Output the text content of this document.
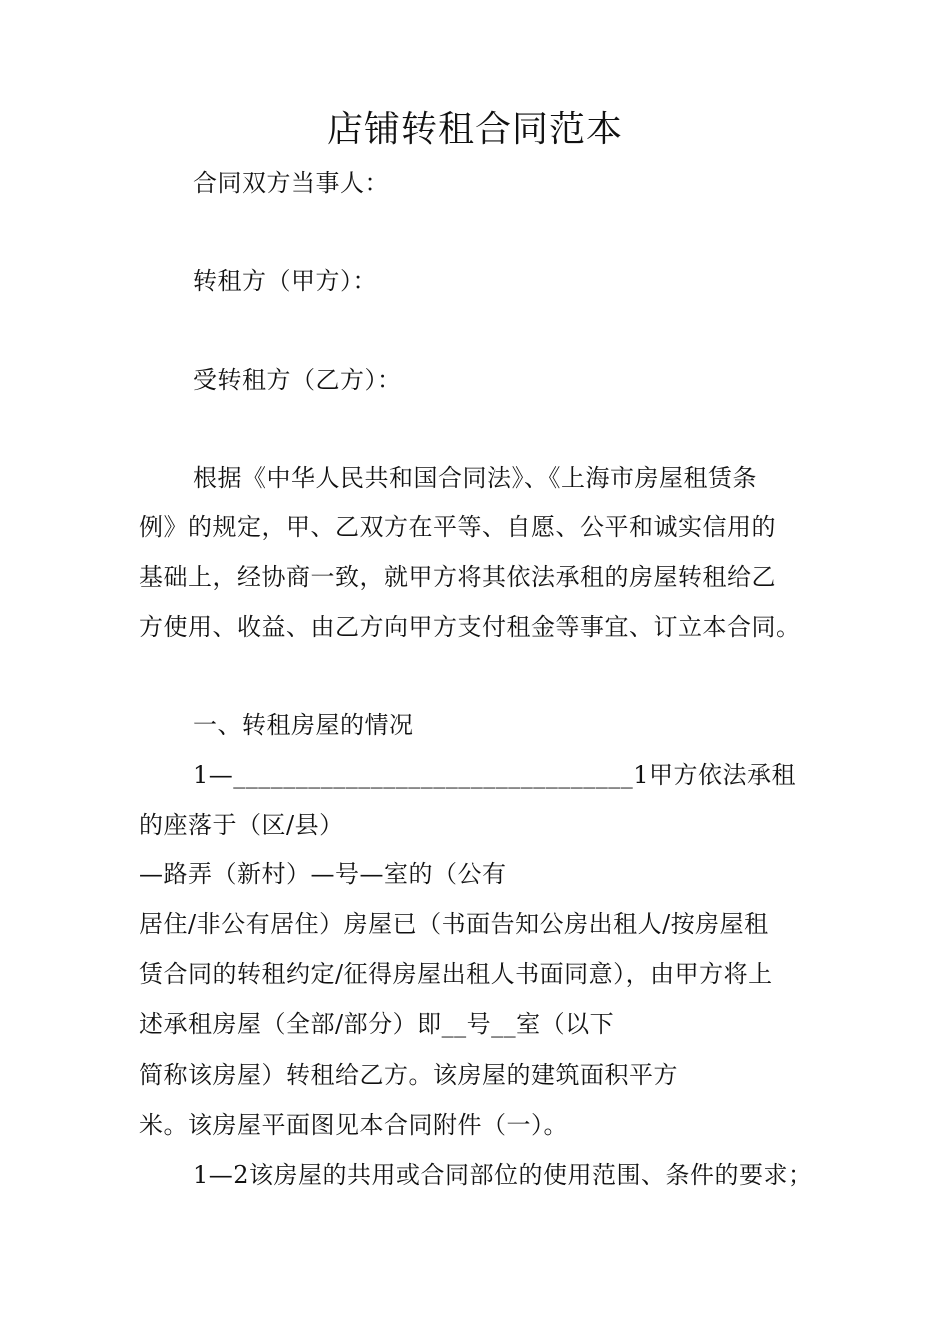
店铺转租合同范本
合同双方当事人：
转租方（甲方）：
受转租方（乙方）：
根据《中华人民共和国合同法》、《上海市房屋租赁条
例》的规定，甲、乙双方在平等、自愿、公平和诚实信用的
基础上，经协商一致，就甲方将其依法承租的房屋转租给乙
方使用、收益、由乙方向甲方支付租金等事宜、订立本合同。
一、转租房屋的情况
1—________________________________1甲方依法承租
的座落于（区/县）
—路弄（新村）—号—室的（公有
居住/非公有居住）房屋已（书面告知公房出租人/按房屋租
赁合同的转租约定/征得房屋出租人书面同意），由甲方将上
述承租房屋（全部/部分）即__号__室（以下
简称该房屋）转租给乙方。该房屋的建筑面积平方
米。该房屋平面图见本合同附件（一）。
1—2该房屋的共用或合同部位的使用范围、条件的要求；
